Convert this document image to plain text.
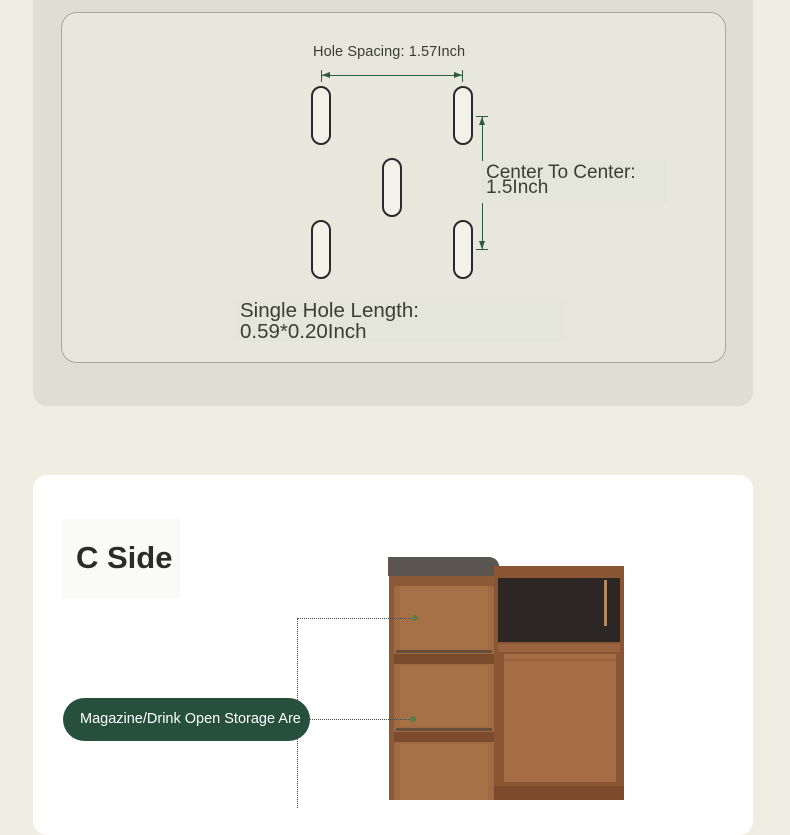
Hole Spacing: 1.57Inch
Center To Center:
1.5Inch
Single Hole Length:
0.59*0.20Inch
C Side
Magazine/Drink Open Storage Are
